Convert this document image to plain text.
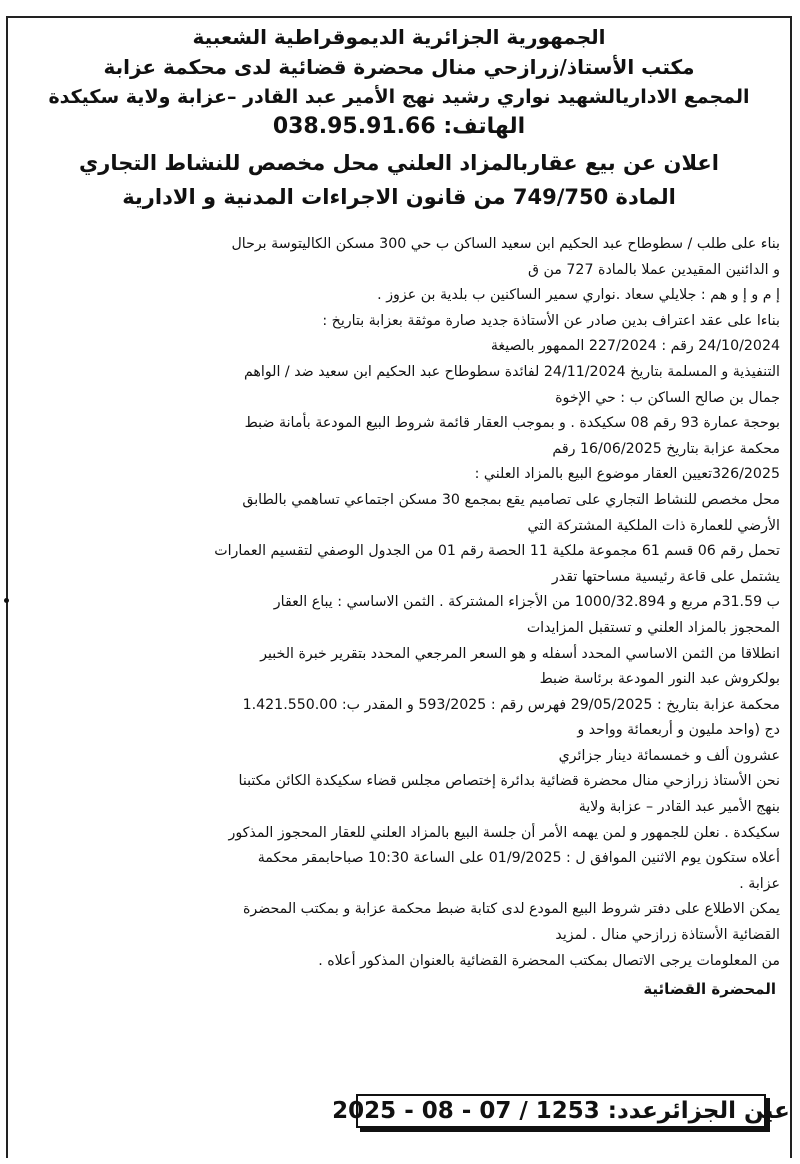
الجمهورية الجزائرية الديموقراطية الشعبية
مكتب الأستاذ/زرازحي منال محضرة قضائية لدى محكمة عزابة
المجمع الاداريالشهيد نواري رشيد نهج الأمير عبد القادر –عزابة ولاية سكيكدة
الهاتف: 038.95.91.66
اعلان عن بيع عقاربالمزاد العلني محل مخصص للنشاط التجاري
المادة 749/750 من قانون الاجراءات المدنية و الادارية

بناء على طلب / سطوطاح عبد الحكيم ابن سعيد الساكن ب حي 300 مسكن الكاليتوسة برحال

و الدائنين المقيدين عملا بالمادة 727 من ق

إ م و إ و هم : جلايلي سعاد .نواري سمير الساكنين ب بلدية بن عزوز .

بناءا على عقد اعتراف بدين صادر عن الأستاذة جديد صارة موثقة بعزابة بتاريخ :

24/10/2024 رقم : 227/2024 الممهور بالصيغة

التنفيذية و المسلمة بتاريخ 24/11/2024 لفائدة سطوطاح عبد الحكيم ابن سعيد ضد / الواهم

جمال بن صالح الساكن ب : حي الإخوة

بوحجة عمارة 93 رقم 08 سكيكدة . و بموجب العقار قائمة شروط البيع المودعة بأمانة ضبط

محكمة عزابة بتاريخ 16/06/2025 رقم

326/2025تعيين العقار موضوع البيع بالمزاد العلني :

محل مخصص للنشاط التجاري على تصاميم يقع بمجمع 30 مسكن اجتماعي تساهمي بالطابق

الأرضي للعمارة ذات الملكية المشتركة التي

تحمل رقم 06 قسم 61 مجموعة ملكية 11 الحصة رقم 01 من الجدول الوصفي لتقسيم العمارات

يشتمل على قاعة رئيسية مساحتها تقدر

ب 31.59م مربع و 1000/32.894 من الأجزاء المشتركة . الثمن الاساسي : يباع العقار

المحجوز بالمزاد العلني و تستقبل المزايدات

انطلاقا من الثمن الاساسي المحدد أسفله و هو السعر المرجعي المحدد بتقرير خبرة الخبير

بولكروش عبد النور المودعة برئاسة ضبط

محكمة عزابة بتاريخ : 29/05/2025 فهرس رقم : 593/2025 و المقدر ب: 1.421.550.00

دج (واحد مليون و أربعمائة وواحد و

عشرون ألف و خمسمائة دينار جزائري

نحن الأستاذ زرازحي منال محضرة قضائية بدائرة إختصاص مجلس قضاء سكيكدة الكائن مكتبنا

بنهج الأمير عبد القادر – عزابة ولاية

سكيكدة . نعلن للجمهور و لمن يهمه الأمر أن جلسة البيع بالمزاد العلني للعقار المحجوز المذكور

أعلاه ستكون يوم الاثنين الموافق ل : 01/9/2025 على الساعة 10:30 صباحابمقر محكمة

عزابة .

يمكن الاطلاع على دفتر شروط البيع المودع لدى كتابة ضبط محكمة عزابة و بمكتب المحضرة

القضائية الأستاذة زرازحي منال . لمزيد

من المعلومات يرجى الاتصال بمكتب المحضرة القضائية بالعنوان المذكور أعلاه .

المحضرة القضائية
عين الجزائرعدد: 1253 / 07 - 08 - 2025
